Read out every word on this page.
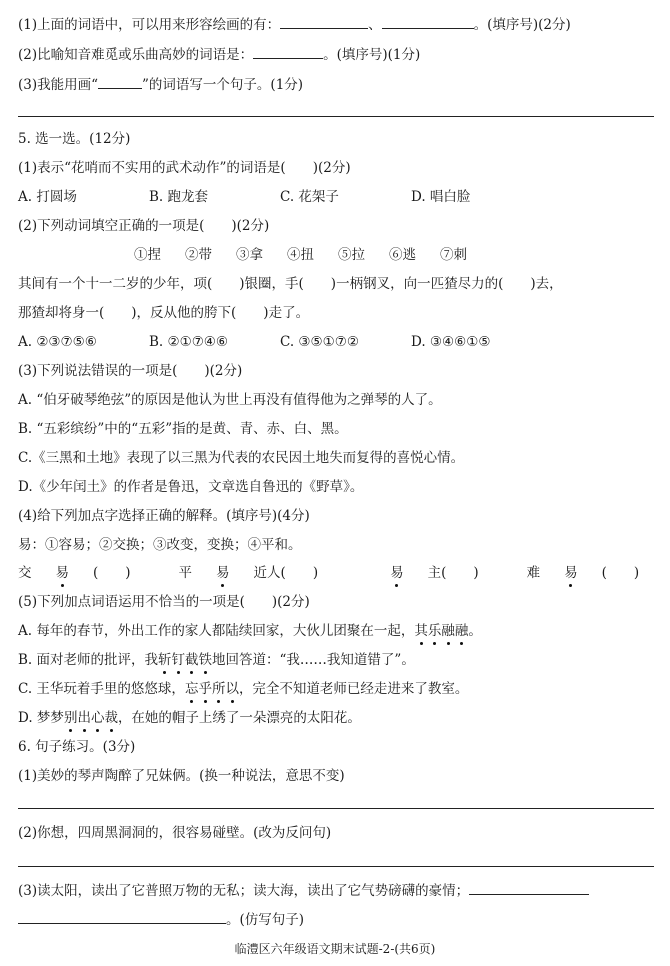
(1)上面的词语中，可以用来形容绘画的有：	、	。(填序号)(2分)
(2)比喻知音难觅或乐曲高妙的词语是：	。(填序号)(1分)
(3)我能用画“	”的词语写一个句子。(1分)
5. 选一选。(12分)
(1)表示“花哨而不实用的武术动作”的词语是(　　)(2分)
A. 打圆场	B. 跑龙套	C. 花架子	D. 唱白脸
(2)下列动词填空正确的一项是(　　)(2分)
①捏 ②带 ③拿 ④扭 ⑤拉 ⑥逃 ⑦刺
其间有一个十一二岁的少年，项(　　)银圈，手(　　)一柄钢叉，向一匹猹尽力的(　　)去，
那猹却将身一(　　)，反从他的胯下(　　)走了。
A. ②③⑦⑤⑥	B. ②①⑦④⑥	C. ③⑤①⑦②	D. ③④⑥①⑤
(3)下列说法错误的一项是(　　)(2分)
A. “伯牙破琴绝弦”的原因是他认为世上再没有值得他为之弹琴的人了。
B. “五彩缤纷”中的“五彩”指的是黄、青、赤、白、黑。
C.《三黑和土地》表现了以三黑为代表的农民因土地失而复得的喜悦心情。
D.《少年闰土》的作者是鲁迅，文章选自鲁迅的《野草》。
(4)给下列加点字选择正确的解释。(填序号)(4分)
易：①容易；②交换；③改变，变换；④平和。
交 易 (　　)	平 易 近人(　　)	易 主(　　)	难 易 (　　)
(5)下列加点词语运用不恰当的一项是(　　)(2分)
A. 每年的春节，外出工作的家人都陆续回家，大伙儿团聚在一起，其乐融融。
B. 面对老师的批评，我斩钉截铁地回答道：“我……我知道错了”。
C. 王华玩着手里的悠悠球，忘乎所以，完全不知道老师已经走进来了教室。
D. 梦梦别出心裁，在她的帽子上绣了一朵漂亮的太阳花。
6. 句子练习。(3分)
(1)美妙的琴声陶醉了兄妹俩。(换一种说法，意思不变)
(2)你想，四周黑洞洞的，很容易碰壁。(改为反问句)
(3)读太阳，读出了它普照万物的无私；读大海，读出了它气势磅礴的豪情；
。(仿写句子)
临澧区六年级语文期末试题-2-(共6页)
